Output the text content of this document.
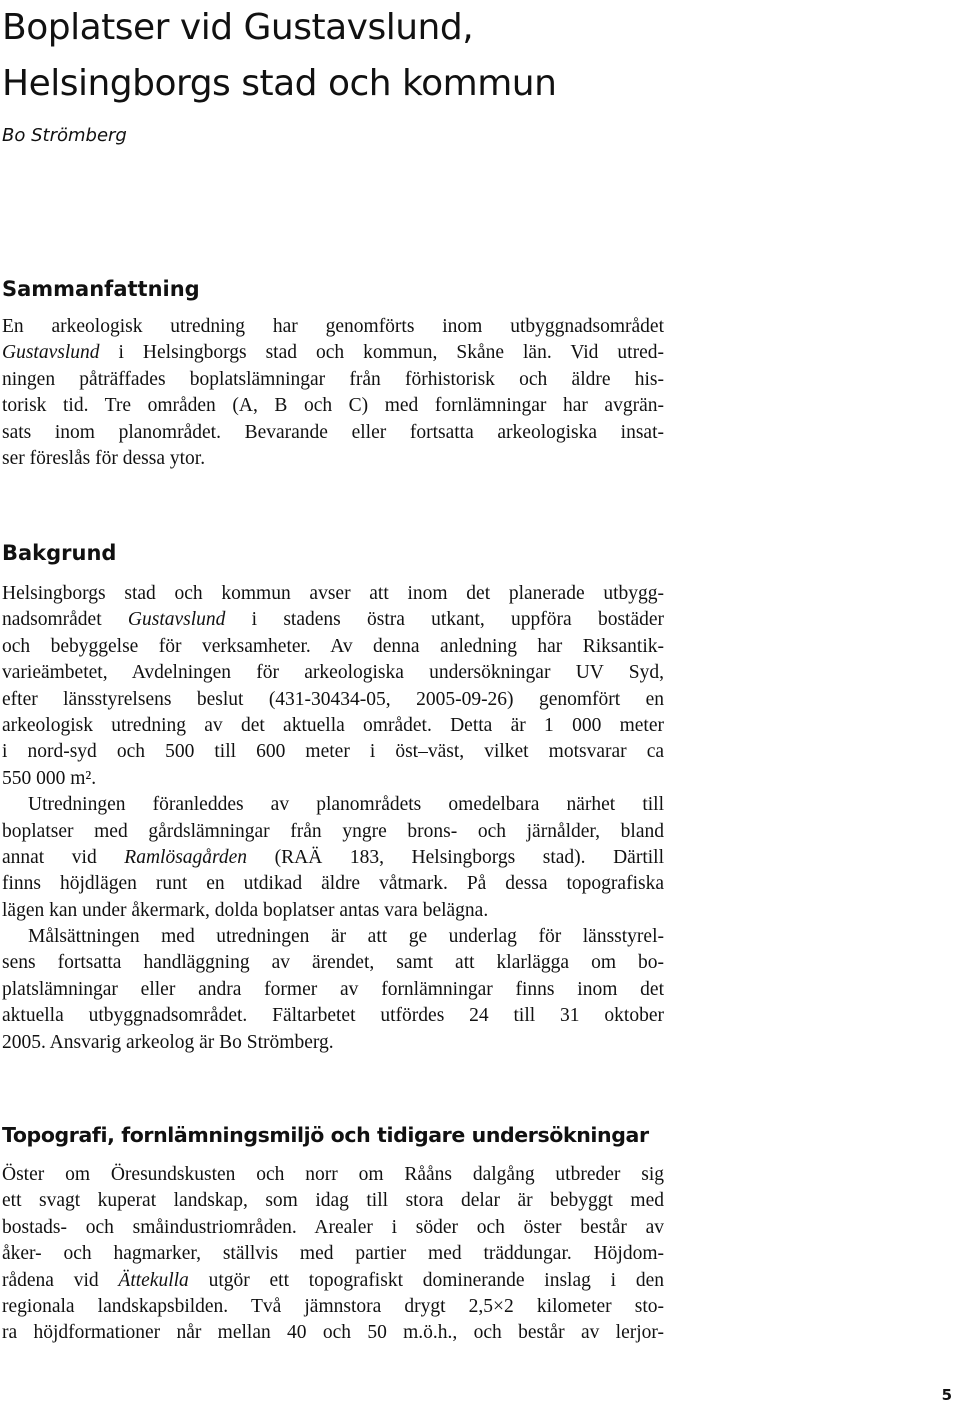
Boplatser vid Gustavslund,
Helsingborgs stad och kommun

Bo Strömberg

Sammanfattning
En arkeologisk utredning har genomförts inom utbyggnadsområdet
Gustavslund i Helsingborgs stad och kommun, Skåne län. Vid utred-
ningen påträffades boplatslämningar från förhistorisk och äldre his-
torisk tid. Tre områden (A, B och C) med fornlämningar har avgrän-
sats inom planområdet. Bevarande eller fortsatta arkeologiska insat-
ser föreslås för dessa ytor.
Bakgrund
Helsingborgs stad och kommun avser att inom det planerade utbygg-
nadsområdet Gustavslund i stadens östra utkant, uppföra bostäder
och bebyggelse för verksamheter. Av denna anledning har Riksantik-
varieämbetet, Avdelningen för arkeologiska undersökningar UV Syd,
efter länsstyrelsens beslut (431-30434-05, 2005-09-26) genomfört en
arkeologisk utredning av det aktuella området. Detta är 1 000 meter
i nord-syd och 500 till 600 meter i öst–väst, vilket motsvarar ca
550 000 m².
Utredningen föranleddes av planområdets omedelbara närhet till
boplatser med gårdslämningar från yngre brons- och järnålder, bland
annat vid Ramlösagården (RAÄ 183, Helsingborgs stad). Därtill
finns höjdlägen runt en utdikad äldre våtmark. På dessa topografiska
lägen kan under åkermark, dolda boplatser antas vara belägna.
Målsättningen med utredningen är att ge underlag för länsstyrel-
sens fortsatta handläggning av ärendet, samt att klarlägga om bo-
platslämningar eller andra former av fornlämningar finns inom det
aktuella utbyggnadsområdet. Fältarbetet utfördes 24 till 31 oktober
2005. Ansvarig arkeolog är Bo Strömberg.
Topografi, fornlämningsmiljö och tidigare undersökningar
Öster om Öresundskusten och norr om Rååns dalgång utbreder sig
ett svagt kuperat landskap, som idag till stora delar är bebyggt med
bostads- och småindustriområden. Arealer i söder och öster består av
åker- och hagmarker, ställvis med partier med träddungar. Höjdom-
rådena vid Ättekulla utgör ett topografiskt dominerande inslag i den
regionala landskapsbilden. Två jämnstora drygt 2,5×2 kilometer sto-
ra höjdformationer når mellan 40 och 50 m.ö.h., och består av lerjor-

5
